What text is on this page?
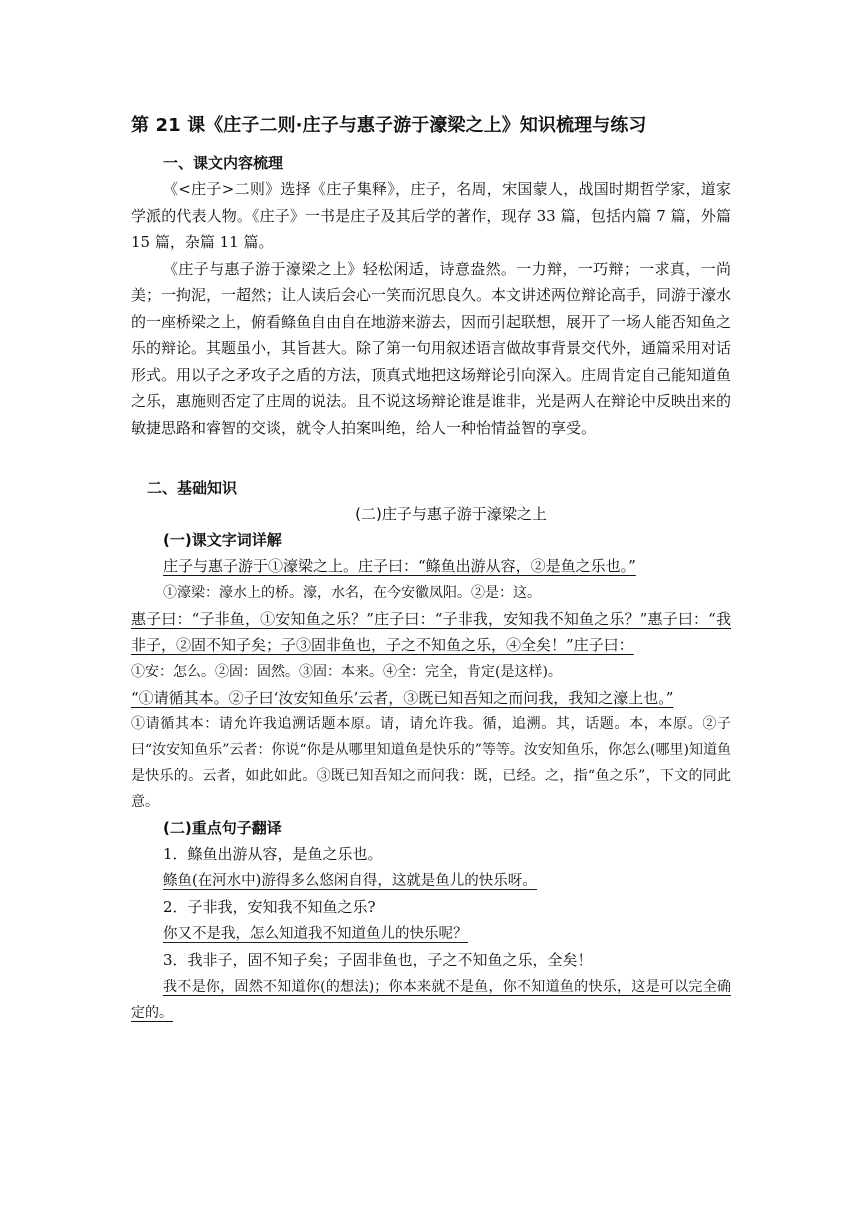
第 21 课《庄子二则·庄子与惠子游于濠梁之上》知识梳理与练习
一、课文内容梳理

《<庄子>二则》选择《庄子集释》，庄子，名周，宋国蒙人，战国时期哲学家，道家学派的代表人物。《庄子》一书是庄子及其后学的著作，现存 33 篇，包括内篇 7 篇，外篇 15 篇，杂篇 11 篇。

《庄子与惠子游于濠梁之上》轻松闲适，诗意盎然。一力辩，一巧辩；一求真，一尚美；一拘泥，一超然；让人读后会心一笑而沉思良久。本文讲述两位辩论高手，同游于濠水的一座桥梁之上，俯看鲦鱼自由自在地游来游去，因而引起联想，展开了一场人能否知鱼之乐的辩论。其题虽小，其旨甚大。除了第一句用叙述语言做故事背景交代外，通篇采用对话形式。用以子之矛攻子之盾的方法，顶真式地把这场辩论引向深入。庄周肯定自己能知道鱼之乐，惠施则否定了庄周的说法。且不说这场辩论谁是谁非，光是两人在辩论中反映出来的敏捷思路和睿智的交谈，就令人拍案叫绝，给人一种怡情益智的享受。

二、基础知识
(二)庄子与惠子游于濠梁之上
(一)课文字词详解

庄子与惠子游于①濠梁之上。庄子曰：“鲦鱼出游从容，②是鱼之乐也。”

①濠梁：濠水上的桥。濠，水名，在今安徽凤阳。②是：这。

惠子曰：“子非鱼，①安知鱼之乐？”庄子曰：“子非我，安知我不知鱼之乐？”惠子曰：“我非子，②固不知子矣；子③固非鱼也，子之不知鱼之乐，④全矣！”庄子曰：

①安：怎么。②固：固然。③固：本来。④全：完全，肯定(是这样)。

“①请循其本。②子曰‘汝安知鱼乐’云者，③既已知吾知之而问我，我知之濠上也。”

①请循其本：请允许我追溯话题本原。请，请允许我。循，追溯。其，话题。本，本原。②子曰“汝安知鱼乐”云者：你说“你是从哪里知道鱼是快乐的”等等。汝安知鱼乐，你怎么(哪里)知道鱼是快乐的。云者，如此如此。③既已知吾知之而问我：既，已经。之，指“鱼之乐”，下文的同此意。

(二)重点句子翻译
1．鲦鱼出游从容，是鱼之乐也。
鲦鱼(在河水中)游得多么悠闲自得，这就是鱼儿的快乐呀。
2．子非我，安知我不知鱼之乐?
你又不是我，怎么知道我不知道鱼儿的快乐呢？
3．我非子，固不知子矣；子固非鱼也，子之不知鱼之乐，全矣！

我不是你，固然不知道你(的想法)；你本来就不是鱼，你不知道鱼的快乐，这是可以完全确定的。
